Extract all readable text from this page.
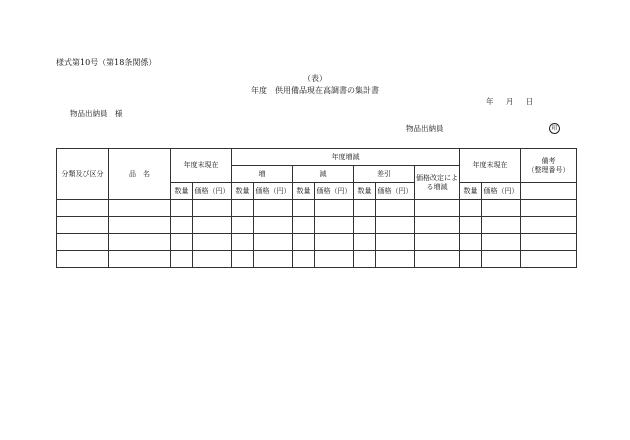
様式第10号（第18条関係）
（表）
年度　供用備品現在高調書の集計書
年 月 日
物品出納員　様
物品出納員	印
分類及び区分	品　名	年度末現在		年度増減							年度末現在		備考
（整理番号）
				増		減		差引		価格改定による増減			
		数量	価格（円）	数量	価格（円）	数量	価格（円）	数量	価格（円）		数量	価格（円）	
